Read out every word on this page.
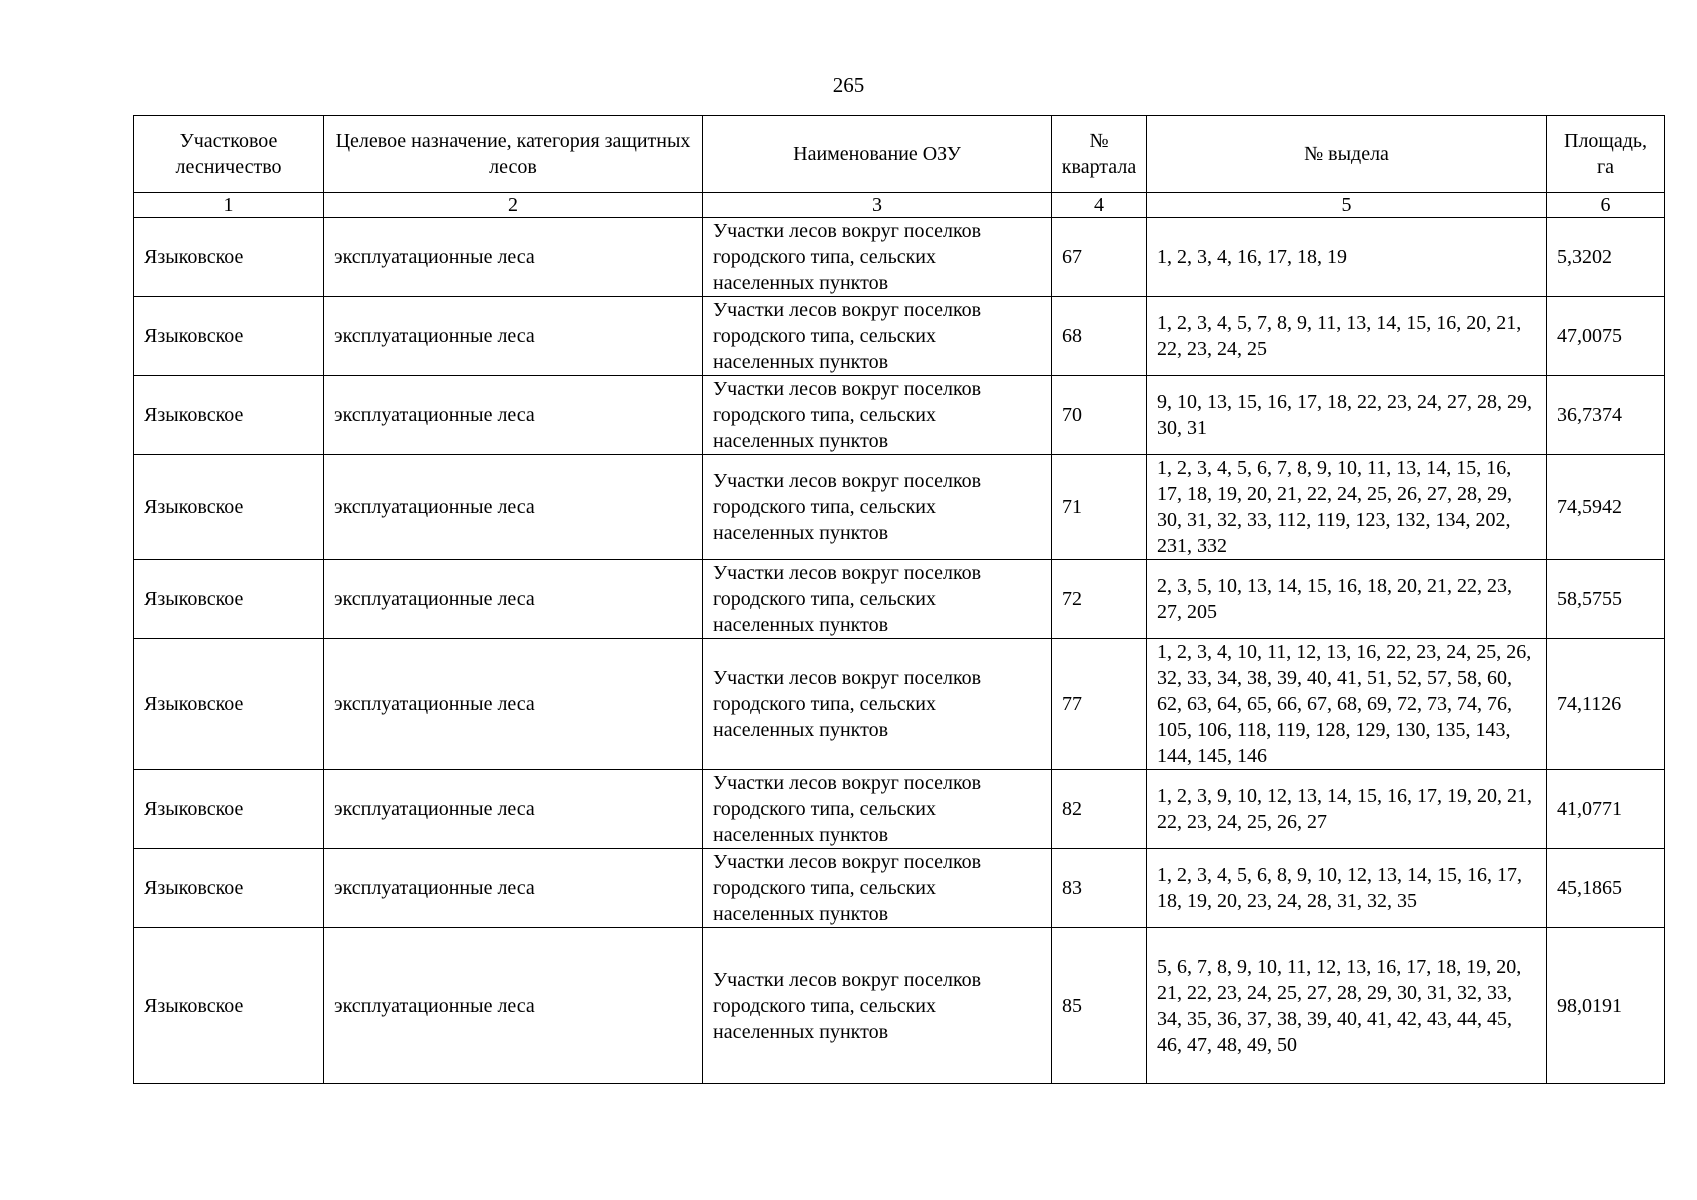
265
Участковое лесничество	Целевое назначение, категория защитных лесов	Наименование ОЗУ	№ квартала	№ выдела	Площадь, га
1	2	3	4	5	6
Языковское	эксплуатационные леса	Участки лесов вокруг поселков городского типа, сельских населенных пунктов	67	1, 2, 3, 4, 16, 17, 18, 19	5,3202
Языковское	эксплуатационные леса	Участки лесов вокруг поселков городского типа, сельских населенных пунктов	68	1, 2, 3, 4, 5, 7, 8, 9, 11, 13, 14, 15, 16, 20, 21, 22, 23, 24, 25	47,0075
Языковское	эксплуатационные леса	Участки лесов вокруг поселков городского типа, сельских населенных пунктов	70	9, 10, 13, 15, 16, 17, 18, 22, 23, 24, 27, 28, 29, 30, 31	36,7374
Языковское	эксплуатационные леса	Участки лесов вокруг поселков городского типа, сельских населенных пунктов	71	1, 2, 3, 4, 5, 6, 7, 8, 9, 10, 11, 13, 14, 15, 16, 17, 18, 19, 20, 21, 22, 24, 25, 26, 27, 28, 29, 30, 31, 32, 33, 112, 119, 123, 132, 134, 202, 231, 332	74,5942
Языковское	эксплуатационные леса	Участки лесов вокруг поселков городского типа, сельских населенных пунктов	72	2, 3, 5, 10, 13, 14, 15, 16, 18, 20, 21, 22, 23, 27, 205	58,5755
Языковское	эксплуатационные леса	Участки лесов вокруг поселков городского типа, сельских населенных пунктов	77	1, 2, 3, 4, 10, 11, 12, 13, 16, 22, 23, 24, 25, 26, 32, 33, 34, 38, 39, 40, 41, 51, 52, 57, 58, 60, 62, 63, 64, 65, 66, 67, 68, 69, 72, 73, 74, 76, 105, 106, 118, 119, 128, 129, 130, 135, 143, 144, 145, 146	74,1126
Языковское	эксплуатационные леса	Участки лесов вокруг поселков городского типа, сельских населенных пунктов	82	1, 2, 3, 9, 10, 12, 13, 14, 15, 16, 17, 19, 20, 21, 22, 23, 24, 25, 26, 27	41,0771
Языковское	эксплуатационные леса	Участки лесов вокруг поселков городского типа, сельских населенных пунктов	83	1, 2, 3, 4, 5, 6, 8, 9, 10, 12, 13, 14, 15, 16, 17, 18, 19, 20, 23, 24, 28, 31, 32, 35	45,1865
Языковское	эксплуатационные леса	Участки лесов вокруг поселков городского типа, сельских населенных пунктов	85	5, 6, 7, 8, 9, 10, 11, 12, 13, 16, 17, 18, 19, 20, 21, 22, 23, 24, 25, 27, 28, 29, 30, 31, 32, 33, 34, 35, 36, 37, 38, 39, 40, 41, 42, 43, 44, 45, 46, 47, 48, 49, 50	98,0191
